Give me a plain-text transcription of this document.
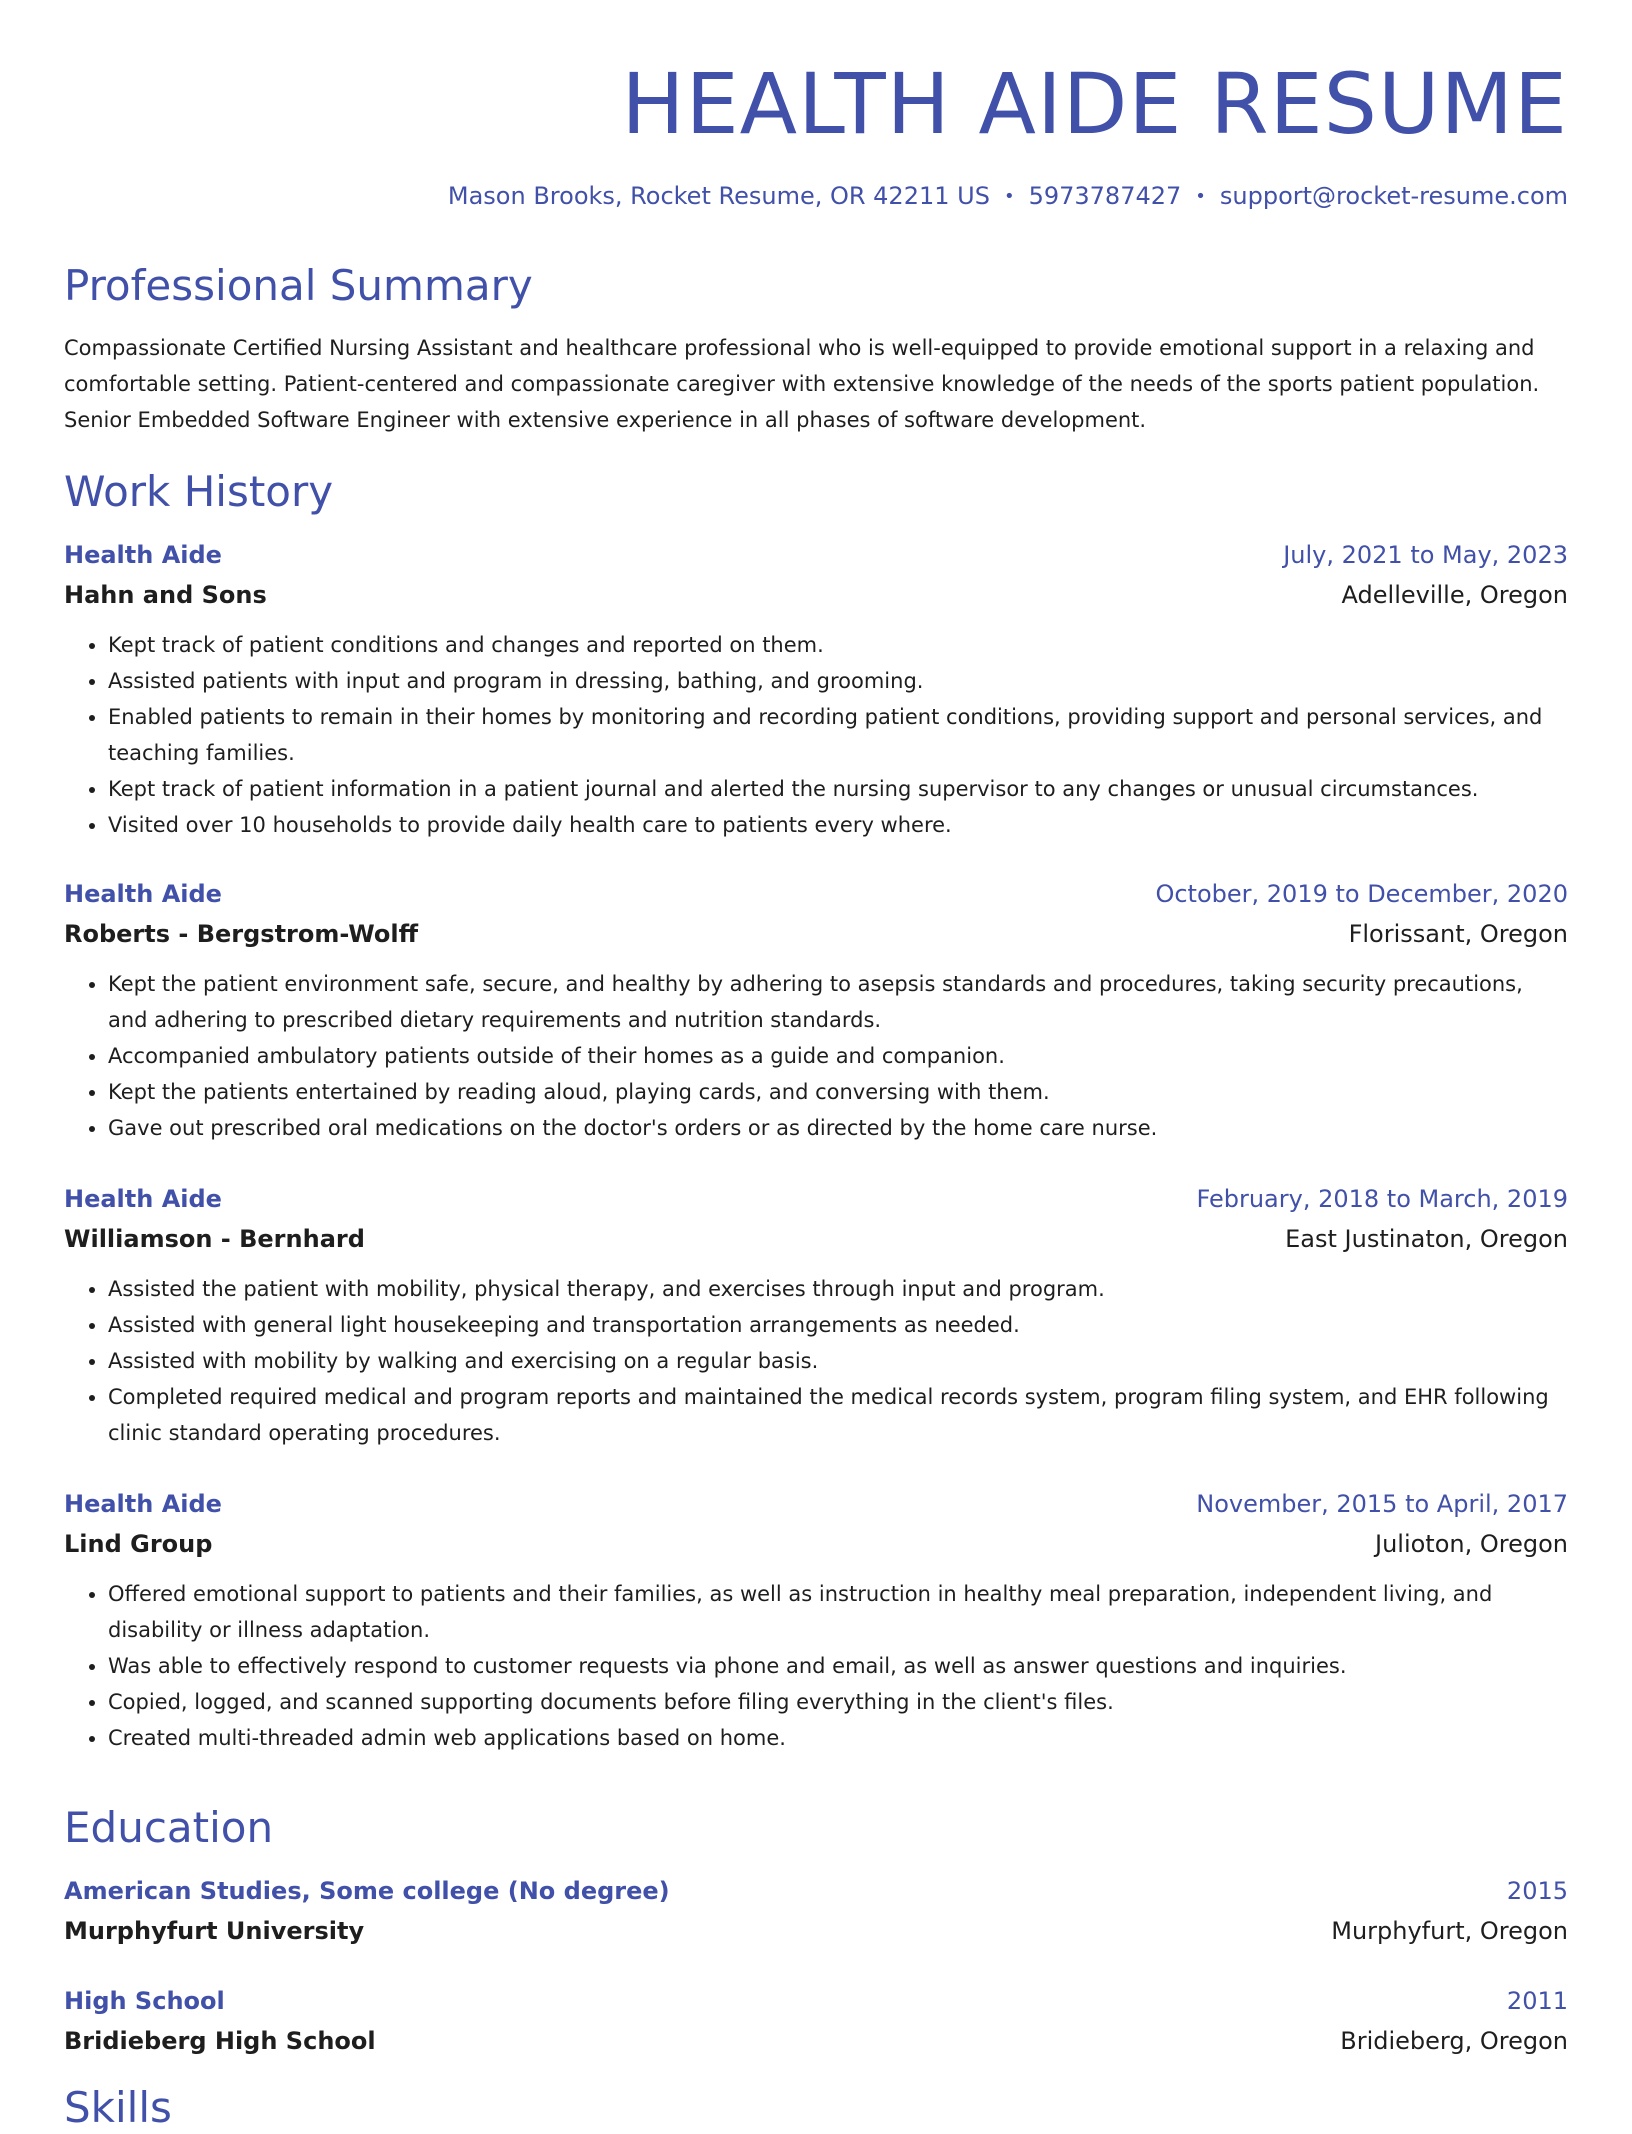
HEALTH AIDE RESUME
Mason Brooks, Rocket Resume, OR 42211 US • 5973787427 • support@rocket-resume.com
Professional Summary

Compassionate Certified Nursing Assistant and healthcare professional who is well-equipped to provide emotional support in a relaxing and comfortable setting. Patient-centered and compassionate caregiver with extensive knowledge of the needs of the sports patient population. Senior Embedded Software Engineer with extensive experience in all phases of software development.

Work History
Health Aide	July, 2021 to May, 2023
Hahn and Sons	Adelleville, Oregon
• Kept track of patient conditions and changes and reported on them.
• Assisted patients with input and program in dressing, bathing, and grooming.
• Enabled patients to remain in their homes by monitoring and recording patient conditions, providing support and personal services, and teaching families.
• Kept track of patient information in a patient journal and alerted the nursing supervisor to any changes or unusual circumstances.
• Visited over 10 households to provide daily health care to patients every where.
Health Aide	October, 2019 to December, 2020
Roberts - Bergstrom-Wolff	Florissant, Oregon
• Kept the patient environment safe, secure, and healthy by adhering to asepsis standards and procedures, taking security precautions, and adhering to prescribed dietary requirements and nutrition standards.
• Accompanied ambulatory patients outside of their homes as a guide and companion.
• Kept the patients entertained by reading aloud, playing cards, and conversing with them.
• Gave out prescribed oral medications on the doctor's orders or as directed by the home care nurse.
Health Aide	February, 2018 to March, 2019
Williamson - Bernhard	East Justinaton, Oregon
• Assisted the patient with mobility, physical therapy, and exercises through input and program.
• Assisted with general light housekeeping and transportation arrangements as needed.
• Assisted with mobility by walking and exercising on a regular basis.
• Completed required medical and program reports and maintained the medical records system, program filing system, and EHR following clinic standard operating procedures.
Health Aide	November, 2015 to April, 2017
Lind Group	Julioton, Oregon
• Offered emotional support to patients and their families, as well as instruction in healthy meal preparation, independent living, and disability or illness adaptation.
• Was able to effectively respond to customer requests via phone and email, as well as answer questions and inquiries.
• Copied, logged, and scanned supporting documents before filing everything in the client's files.
• Created multi-threaded admin web applications based on home.
Education
American Studies, Some college (No degree)	2015
Murphyfurt University	Murphyfurt, Oregon
High School	2011
Bridieberg High School	Bridieberg, Oregon
Skills
